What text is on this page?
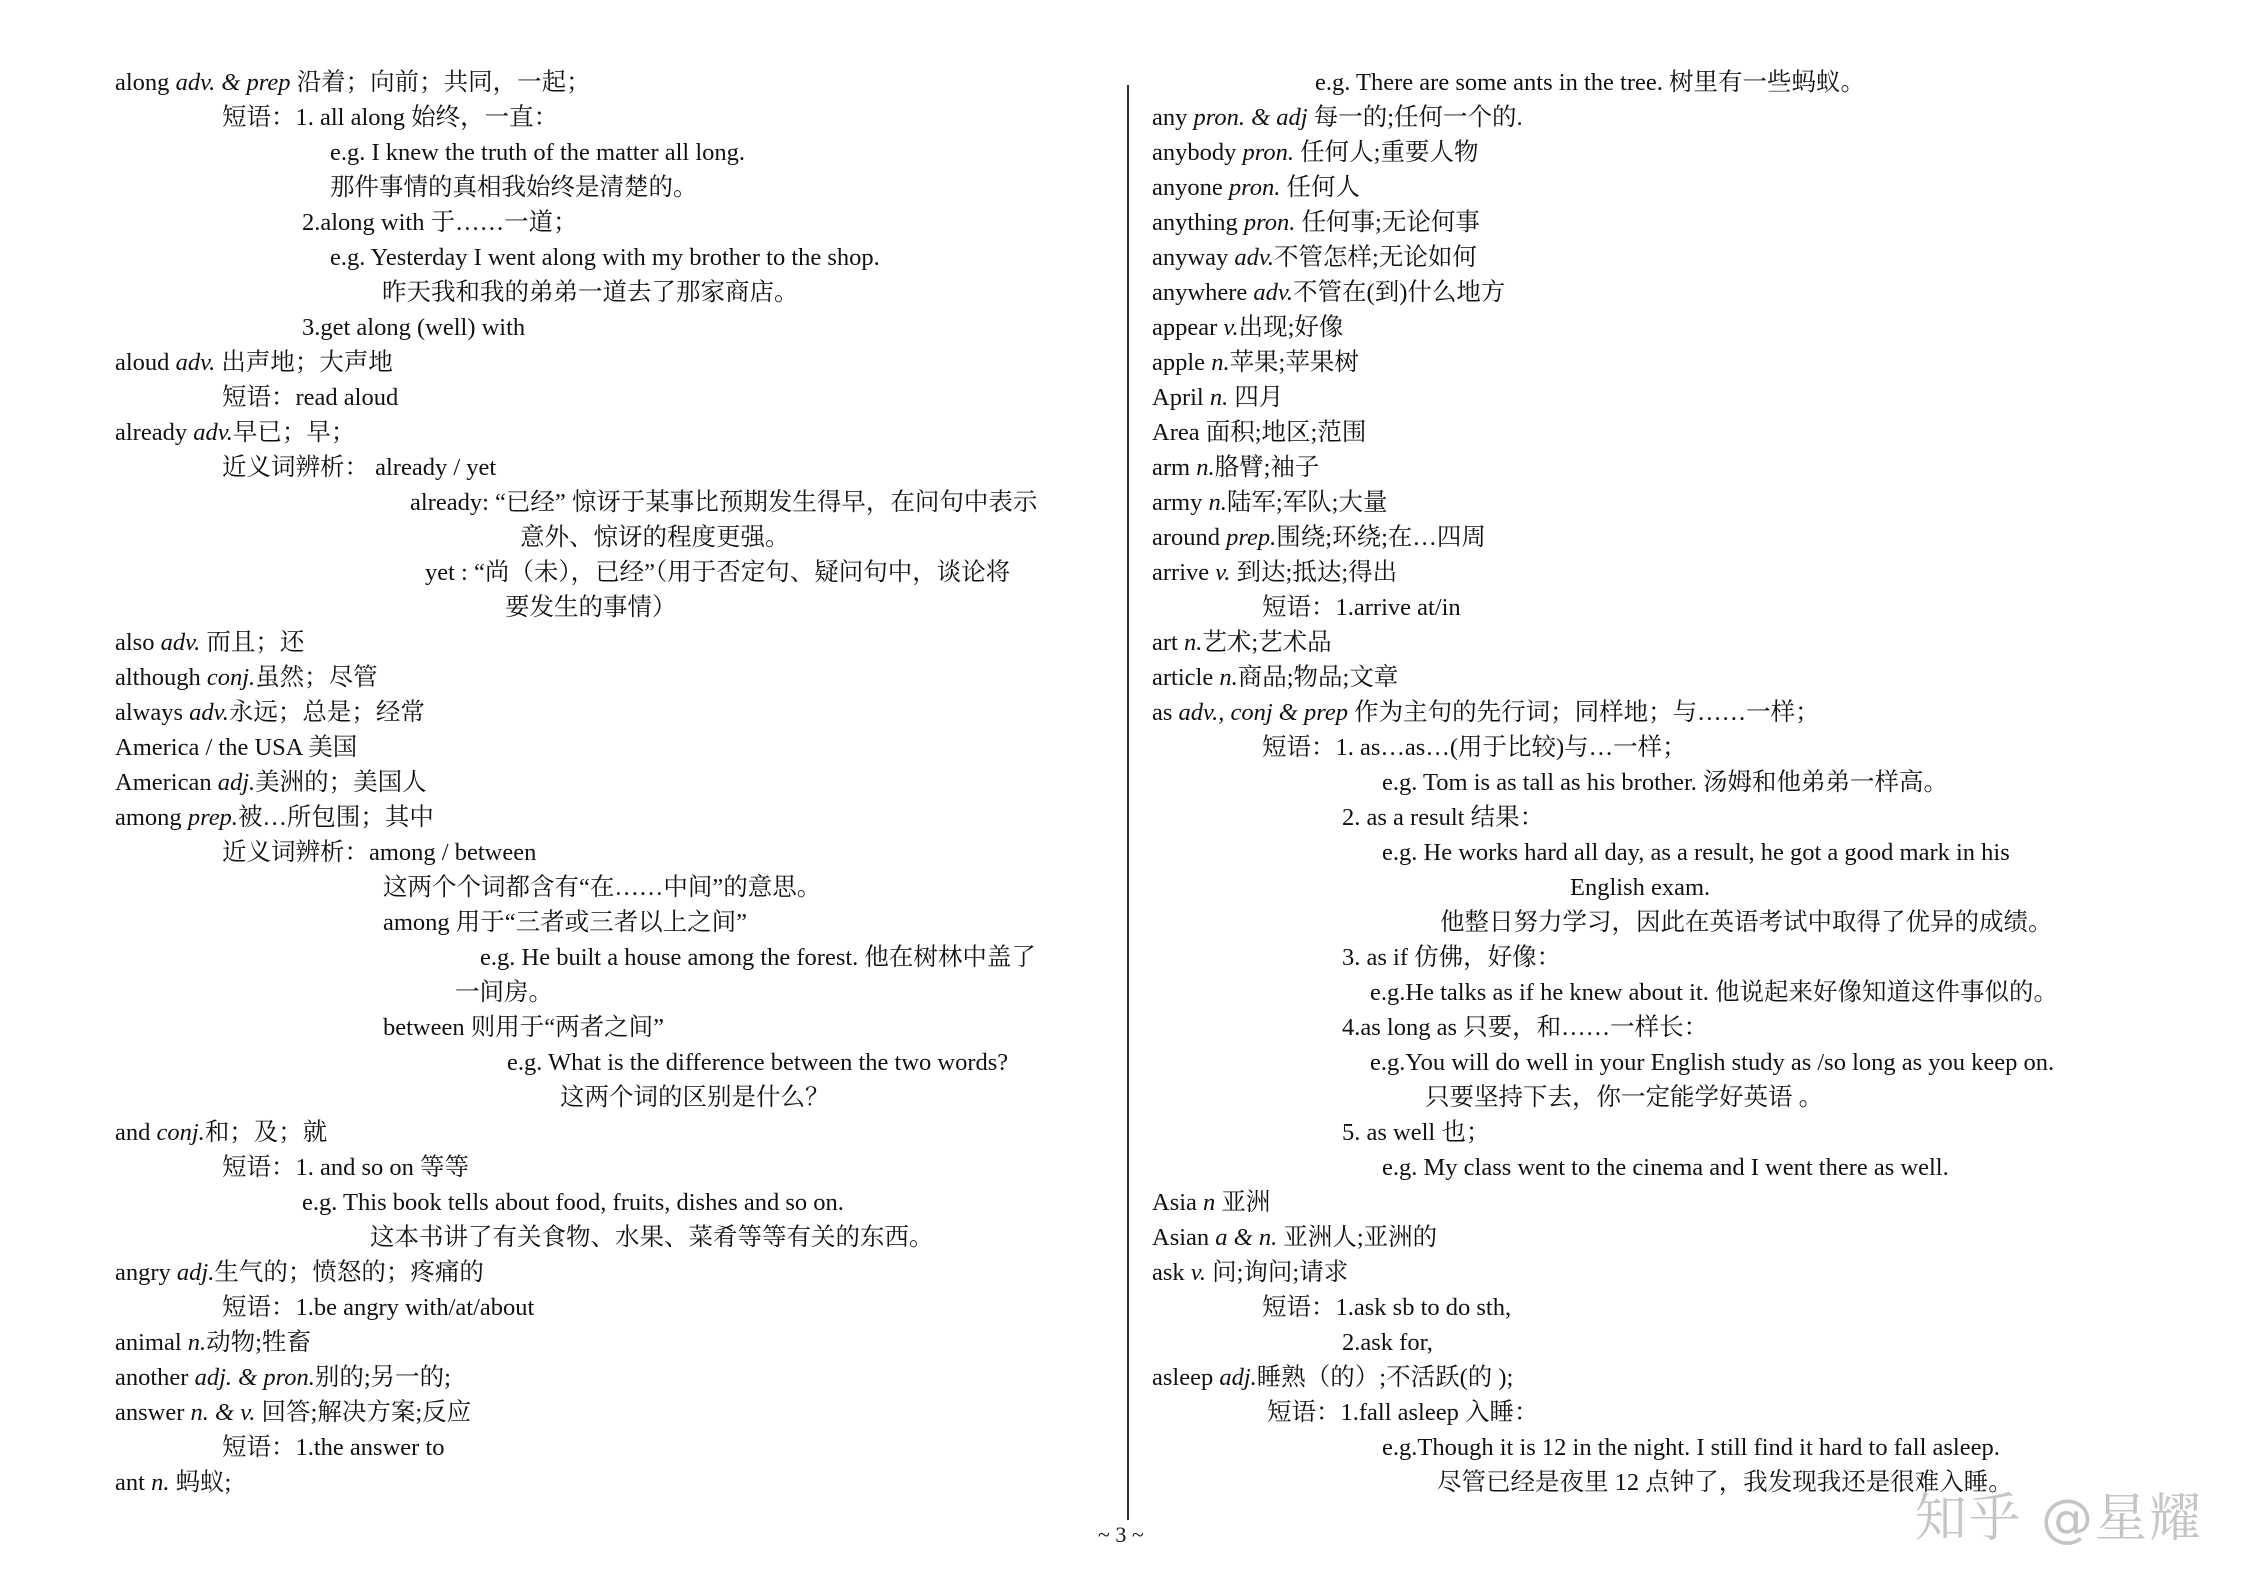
along adv. & prep 沿着；向前；共同，一起；
短语：1. all along 始终，一直：
e.g. I knew the truth of the matter all long.
那件事情的真相我始终是清楚的。
2.along with 于……一道；
e.g. Yesterday I went along with my brother to the shop.
昨天我和我的弟弟一道去了那家商店。
3.get along (well) with
aloud adv. 出声地；大声地
短语：read aloud
already adv.早已；早；
近义词辨析： already / yet
already: “已经” 惊讶于某事比预期发生得早，在问句中表示
意外、惊讶的程度更强。
yet : “尚（未），已经”（用于否定句、疑问句中，谈论将
要发生的事情）
also adv. 而且；还
although conj.虽然；尽管
always adv.永远；总是；经常
America / the USA 美国
American adj.美洲的；美国人
among prep.被…所包围；其中
近义词辨析：among / between
这两个个词都含有“在……中间”的意思。
among 用于“三者或三者以上之间”
e.g. He built a house among the forest. 他在树林中盖了
一间房。
between 则用于“两者之间”
e.g. What is the difference between the two words?
这两个词的区别是什么？
and conj.和；及；就
短语：1. and so on 等等
e.g. This book tells about food, fruits, dishes and so on.
这本书讲了有关食物、水果、菜肴等等有关的东西。
angry adj.生气的；愤怒的；疼痛的
短语：1.be angry with/at/about
animal n.动物;牲畜
another adj. & pron.别的;另一的;
answer n. & v. 回答;解决方案;反应
短语：1.the answer to
ant n. 蚂蚁;
e.g. There are some ants in the tree. 树里有一些蚂蚁。
any pron. & adj 每一的;任何一个的.
anybody pron. 任何人;重要人物
anyone pron. 任何人
anything pron. 任何事;无论何事
anyway adv.不管怎样;无论如何
anywhere adv.不管在(到)什么地方
appear v.出现;好像
apple n.苹果;苹果树
April n. 四月
Area 面积;地区;范围
arm n.胳臂;袖子
army n.陆军;军队;大量
around prep.围绕;环绕;在…四周
arrive v. 到达;抵达;得出
短语：1.arrive at/in
art n.艺术;艺术品
article n.商品;物品;文章
as adv., conj & prep 作为主句的先行词；同样地；与……一样；
短语：1. as…as…(用于比较)与…一样；
e.g. Tom is as tall as his brother. 汤姆和他弟弟一样高。
2. as a result 结果：
e.g. He works hard all day, as a result, he got a good mark in his
English exam.
他整日努力学习，因此在英语考试中取得了优异的成绩。
3. as if 仿佛，好像：
e.g.He talks as if he knew about it. 他说起来好像知道这件事似的。
4.as long as 只要，和……一样长：
e.g.You will do well in your English study as /so long as you keep on.
只要坚持下去，你一定能学好英语 。
5. as well 也；
e.g. My class went to the cinema and I went there as well.
Asia n 亚洲
Asian a & n. 亚洲人;亚洲的
ask v. 问;询问;请求
短语：1.ask sb to do sth,
2.ask for,
asleep adj.睡熟（的）;不活跃(的 );
短语：1.fall asleep 入睡：
e.g.Though it is 12 in the night. I still find it hard to fall asleep.
尽管已经是夜里 12 点钟了，我发现我还是很难入睡。
~ 3 ~	知乎 @星耀
